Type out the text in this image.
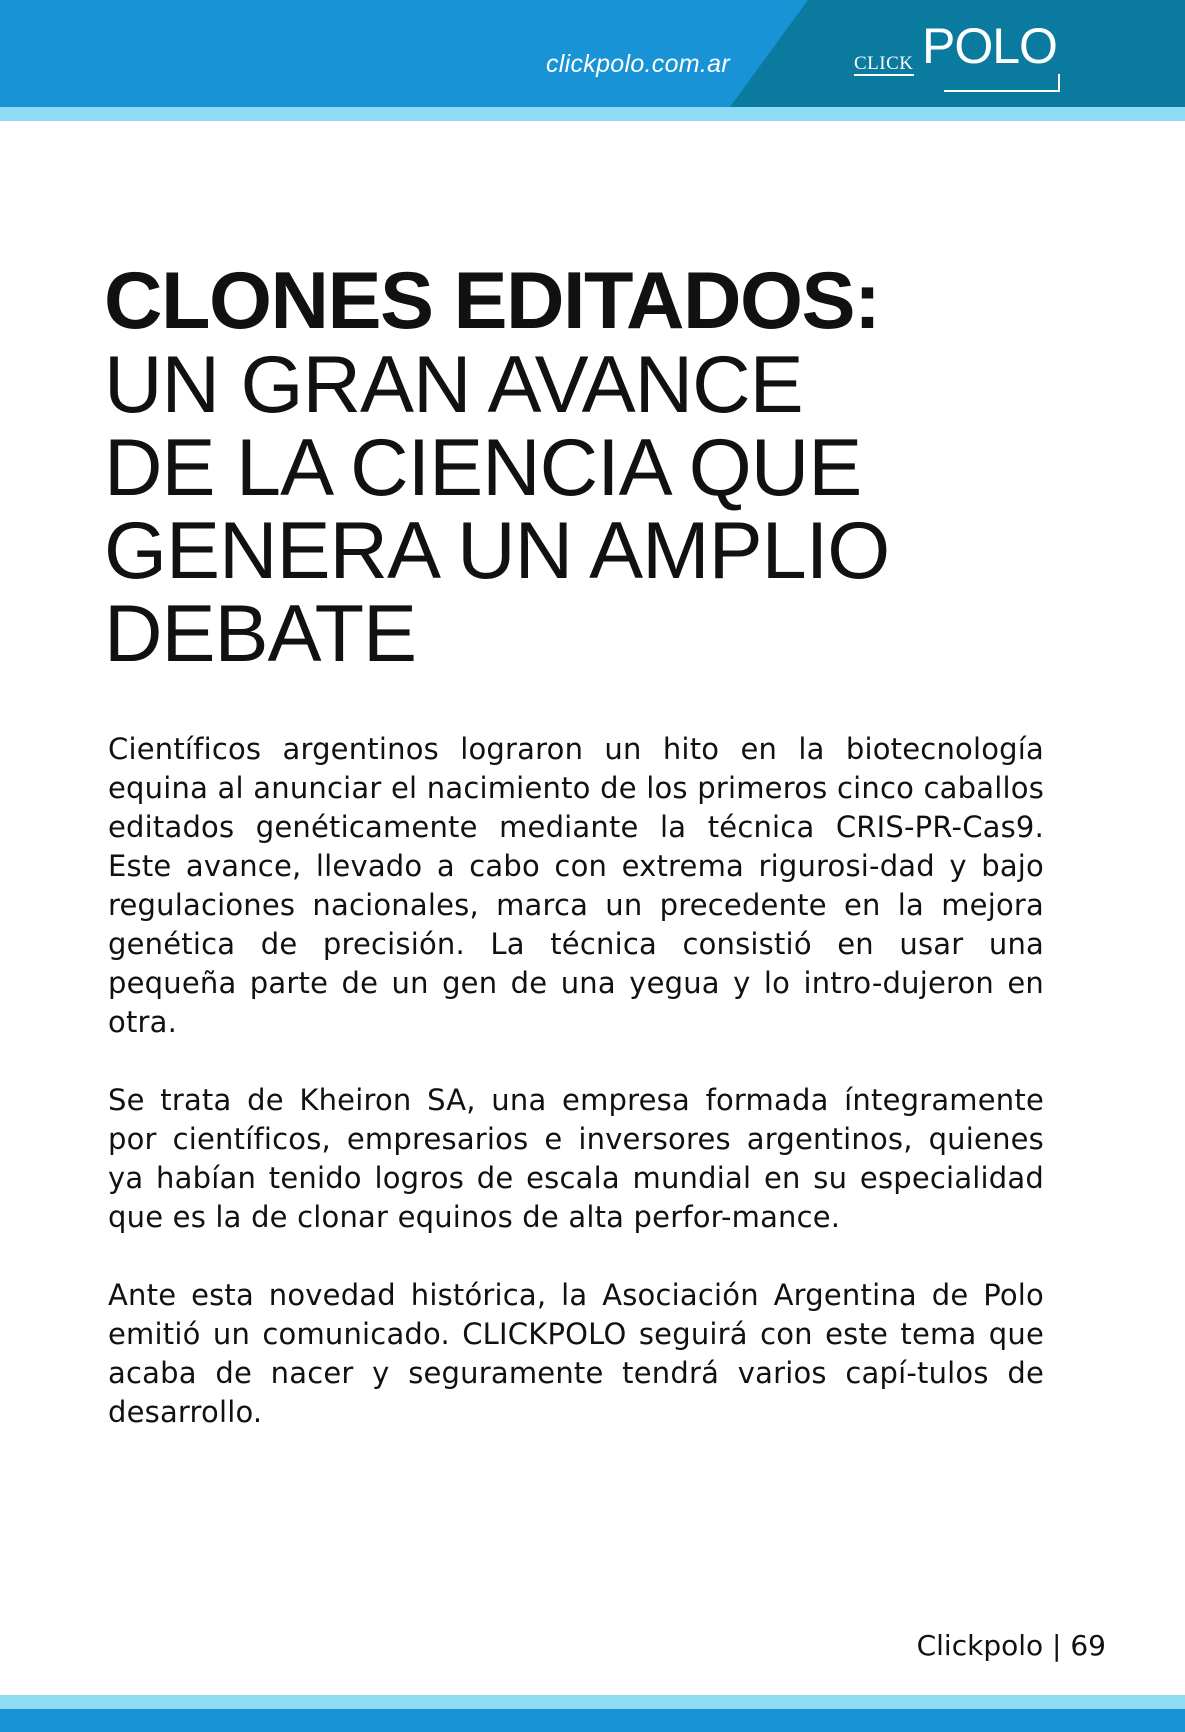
clickpolo.com.ar	CLICK POLO
CLONES EDITADOS:
UN GRAN AVANCE
DE LA CIENCIA QUE
GENERA UN AMPLIO
DEBATE

Científicos argentinos lograron un hito en la biotecnología equina al anunciar el nacimiento de los primeros cinco caballos editados genéticamente mediante la técnica CRIS-PR-Cas9. Este avance, llevado a cabo con extrema rigurosi-dad y bajo regulaciones nacionales, marca un precedente en la mejora genética de precisión. La técnica consistió en usar una pequeña parte de un gen de una yegua y lo intro-dujeron en otra.

Se trata de Kheiron SA, una empresa formada íntegramente por científicos, empresarios e inversores argentinos, quienes ya habían tenido logros de escala mundial en su especialidad que es la de clonar equinos de alta perfor-mance.

Ante esta novedad histórica, la Asociación Argentina de Polo emitió un comunicado. CLICKPOLO seguirá con este tema que acaba de nacer y seguramente tendrá varios capí-tulos de desarrollo.

Clickpolo | 69
